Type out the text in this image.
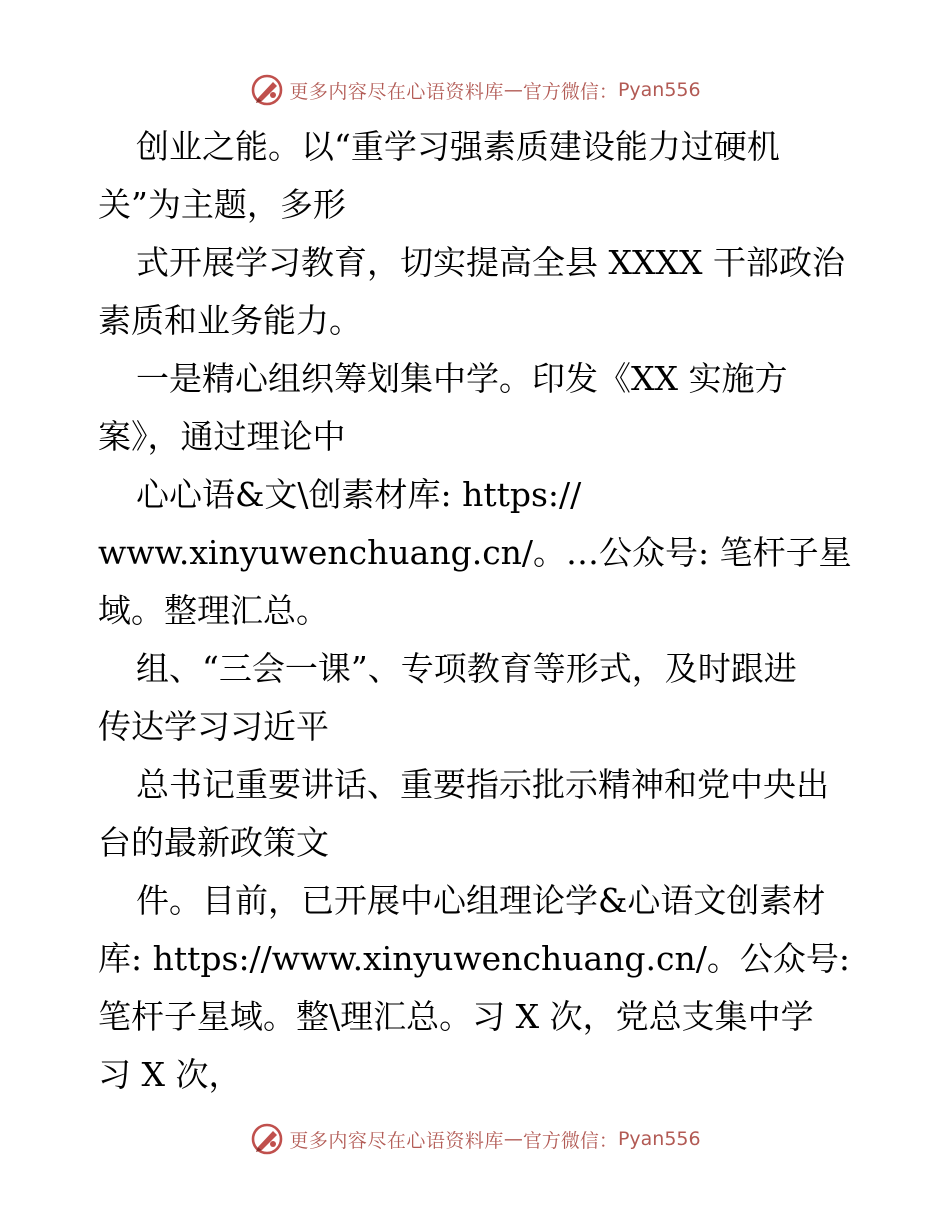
更多内容尽在心语资料库 — 官方微信： Pyan556
创业之能。以“重学习强素质建设能力过硬机
关”为主题，多形
式开展学习教育，切实提高全县 XXXX 干部政治
素质和业务能力。
一是精心组织筹划集中学。印发《XX 实施方
案》，通过理论中
心心语&文\创素材库: https://
www.xinyuwenchuang.cn/。…公众号: 笔杆子星
域。整理汇总。
组、“三会一课”、专项教育等形式，及时跟进
传达学习习近平
总书记重要讲话、重要指示批示精神和党中央出
台的最新政策文
件。目前，已开展中心组理论学&心语文创素材
库: https://www.xinyuwenchuang.cn/。公众号:
笔杆子星域。整\理汇总。习 X 次，党总支集中学
习 X 次，
更多内容尽在心语资料库 — 官方微信： Pyan556
